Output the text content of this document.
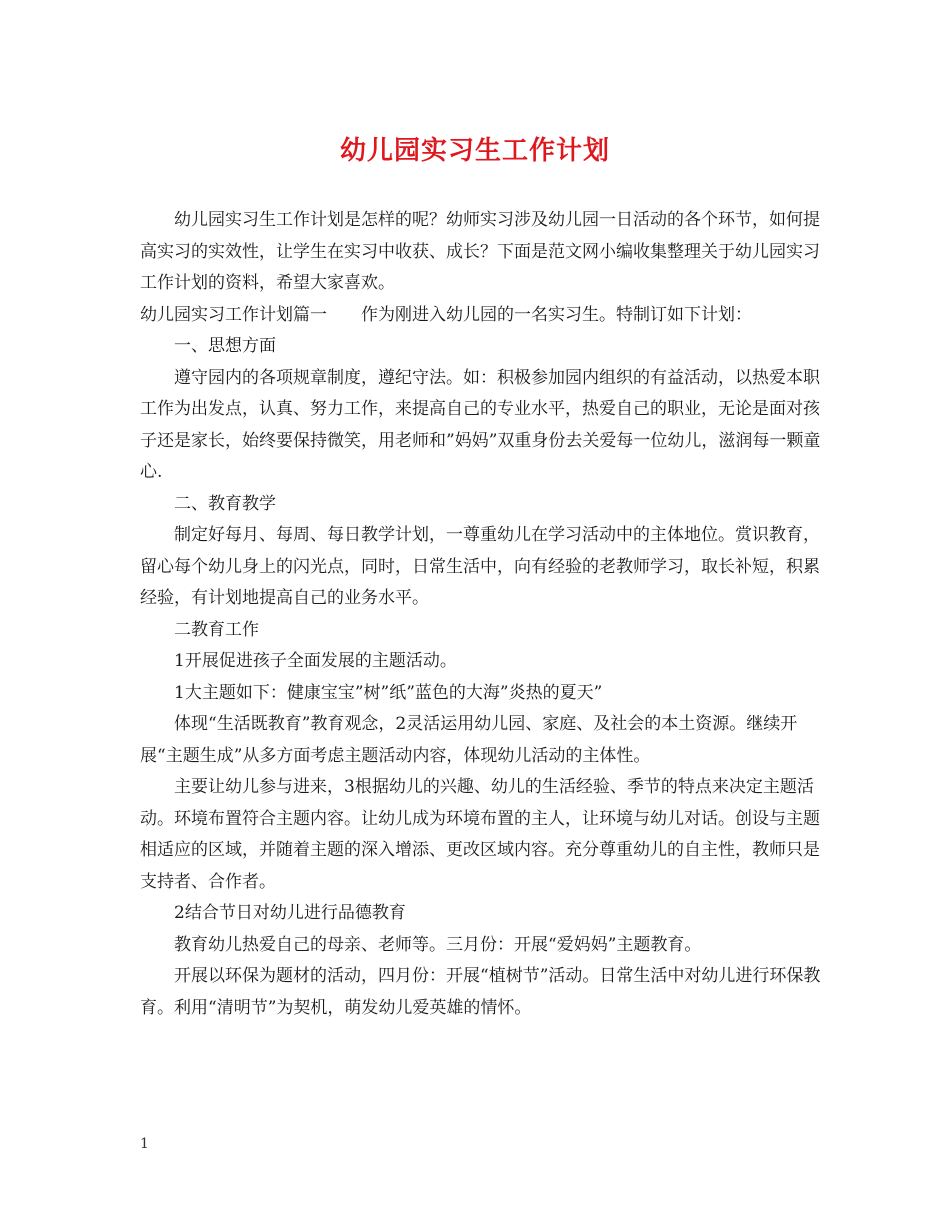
幼儿园实习生工作计划

幼儿园实习生工作计划是怎样的呢？幼师实习涉及幼儿园一日活动的各个环节，如何提高实习的实效性，让学生在实习中收获、成长？下面是范文网小编收集整理关于幼儿园实习工作计划的资料，希望大家喜欢。

幼儿园实习工作计划篇一　　作为刚进入幼儿园的一名实习生。特制订如下计划：

一、思想方面

遵守园内的各项规章制度，遵纪守法。如：积极参加园内组织的有益活动，以热爱本职工作为出发点，认真、努力工作，来提高自己的专业水平，热爱自己的职业，无论是面对孩子还是家长，始终要保持微笑，用老师和”妈妈”双重身份去关爱每一位幼儿，滋润每一颗童心.

二、教育教学

制定好每月、每周、每日教学计划，一尊重幼儿在学习活动中的主体地位。赏识教育，留心每个幼儿身上的闪光点，同时，日常生活中，向有经验的老教师学习，取长补短，积累经验，有计划地提高自己的业务水平。

二教育工作

1开展促进孩子全面发展的主题活动。

1大主题如下：健康宝宝”树”纸”蓝色的大海”炎热的夏天”

体现“生活既教育”教育观念，2灵活运用幼儿园、家庭、及社会的本土资源。继续开展“主题生成”从多方面考虑主题活动内容，体现幼儿活动的主体性。

主要让幼儿参与进来，3根据幼儿的兴趣、幼儿的生活经验、季节的特点来决定主题活动。环境布置符合主题内容。让幼儿成为环境布置的主人，让环境与幼儿对话。创设与主题相适应的区域，并随着主题的深入增添、更改区域内容。充分尊重幼儿的自主性，教师只是支持者、合作者。

2结合节日对幼儿进行品德教育

教育幼儿热爱自己的母亲、老师等。三月份：开展“爱妈妈”主题教育。

开展以环保为题材的活动，四月份：开展“植树节”活动。日常生活中对幼儿进行环保教育。利用“清明节”为契机，萌发幼儿爱英雄的情怀。

1
